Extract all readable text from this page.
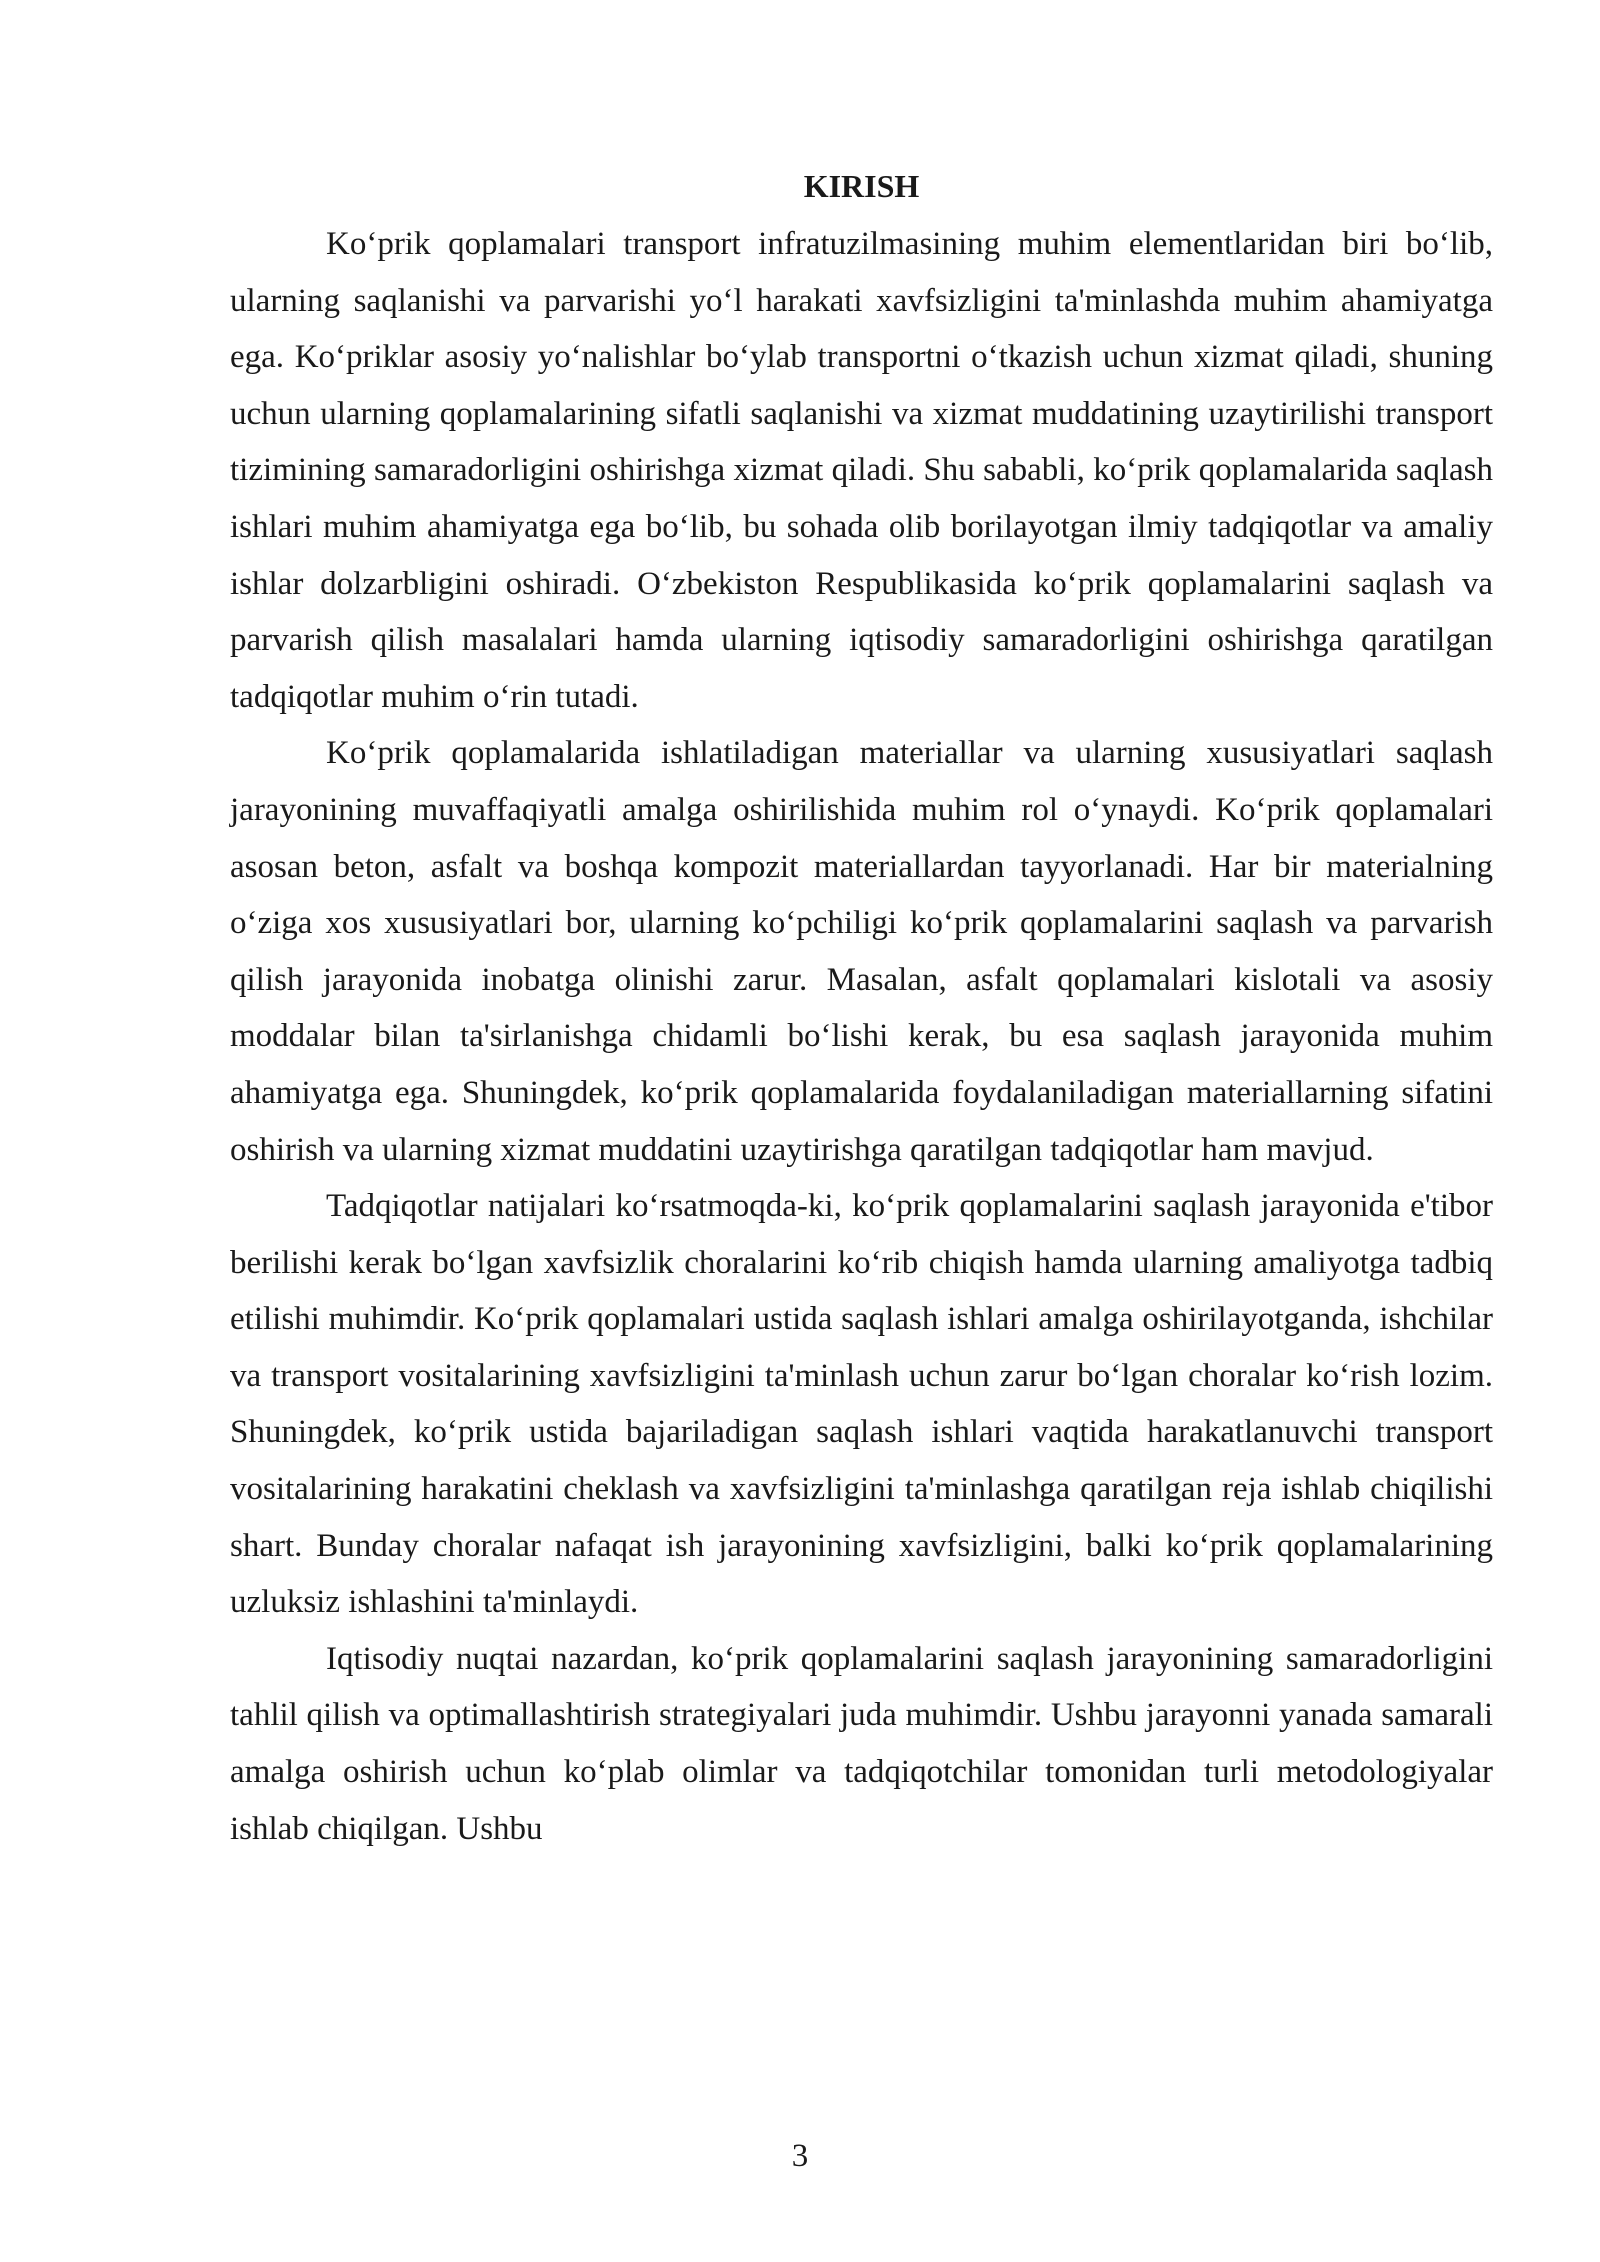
KIRISH

Ko‘prik qoplamalari transport infratuzilmasining muhim elementlaridan biri bo‘lib, ularning saqlanishi va parvarishi yo‘l harakati xavfsizligini ta'minlashda muhim ahamiyatga ega. Ko‘priklar asosiy yo‘nalishlar bo‘ylab transportni o‘tkazish uchun xizmat qiladi, shuning uchun ularning qoplamalarining sifatli saqlanishi va xizmat muddatining uzaytirilishi transport tizimining samaradorligini oshirishga xizmat qiladi. Shu sababli, ko‘prik qoplamalarida saqlash ishlari muhim ahamiyatga ega bo‘lib, bu sohada olib borilayotgan ilmiy tadqiqotlar va amaliy ishlar dolzarbligini oshiradi. O‘zbekiston Respublikasida ko‘prik qoplamalarini saqlash va parvarish qilish masalalari hamda ularning iqtisodiy samaradorligini oshirishga qaratilgan tadqiqotlar muhim o‘rin tutadi.

Ko‘prik qoplamalarida ishlatiladigan materiallar va ularning xususiyatlari saqlash jarayonining muvaffaqiyatli amalga oshirilishida muhim rol o‘ynaydi. Ko‘prik qoplamalari asosan beton, asfalt va boshqa kompozit materiallardan tayyorlanadi. Har bir materialning o‘ziga xos xususiyatlari bor, ularning ko‘pchiligi ko‘prik qoplamalarini saqlash va parvarish qilish jarayonida inobatga olinishi zarur. Masalan, asfalt qoplamalari kislotali va asosiy moddalar bilan ta'sirlanishga chidamli bo‘lishi kerak, bu esa saqlash jarayonida muhim ahamiyatga ega. Shuningdek, ko‘prik qoplamalarida foydalaniladigan materiallarning sifatini oshirish va ularning xizmat muddatini uzaytirishga qaratilgan tadqiqotlar ham mavjud.

Tadqiqotlar natijalari ko‘rsatmoqda-ki, ko‘prik qoplamalarini saqlash jarayonida e'tibor berilishi kerak bo‘lgan xavfsizlik choralarini ko‘rib chiqish hamda ularning amaliyotga tadbiq etilishi muhimdir. Ko‘prik qoplamalari ustida saqlash ishlari amalga oshirilayotganda, ishchilar va transport vositalarining xavfsizligini ta'minlash uchun zarur bo‘lgan choralar ko‘rish lozim. Shuningdek, ko‘prik ustida bajariladigan saqlash ishlari vaqtida harakatlanuvchi transport vositalarining harakatini cheklash va xavfsizligini ta'minlashga qaratilgan reja ishlab chiqilishi shart. Bunday choralar nafaqat ish jarayonining xavfsizligini, balki ko‘prik qoplamalarining uzluksiz ishlashini ta'minlaydi.

Iqtisodiy nuqtai nazardan, ko‘prik qoplamalarini saqlash jarayonining samaradorligini tahlil qilish va optimallashtirish strategiyalari juda muhimdir. Ushbu jarayonni yanada samarali amalga oshirish uchun ko‘plab olimlar va tadqiqotchilar tomonidan turli metodologiyalar ishlab chiqilgan. Ushbu

3
